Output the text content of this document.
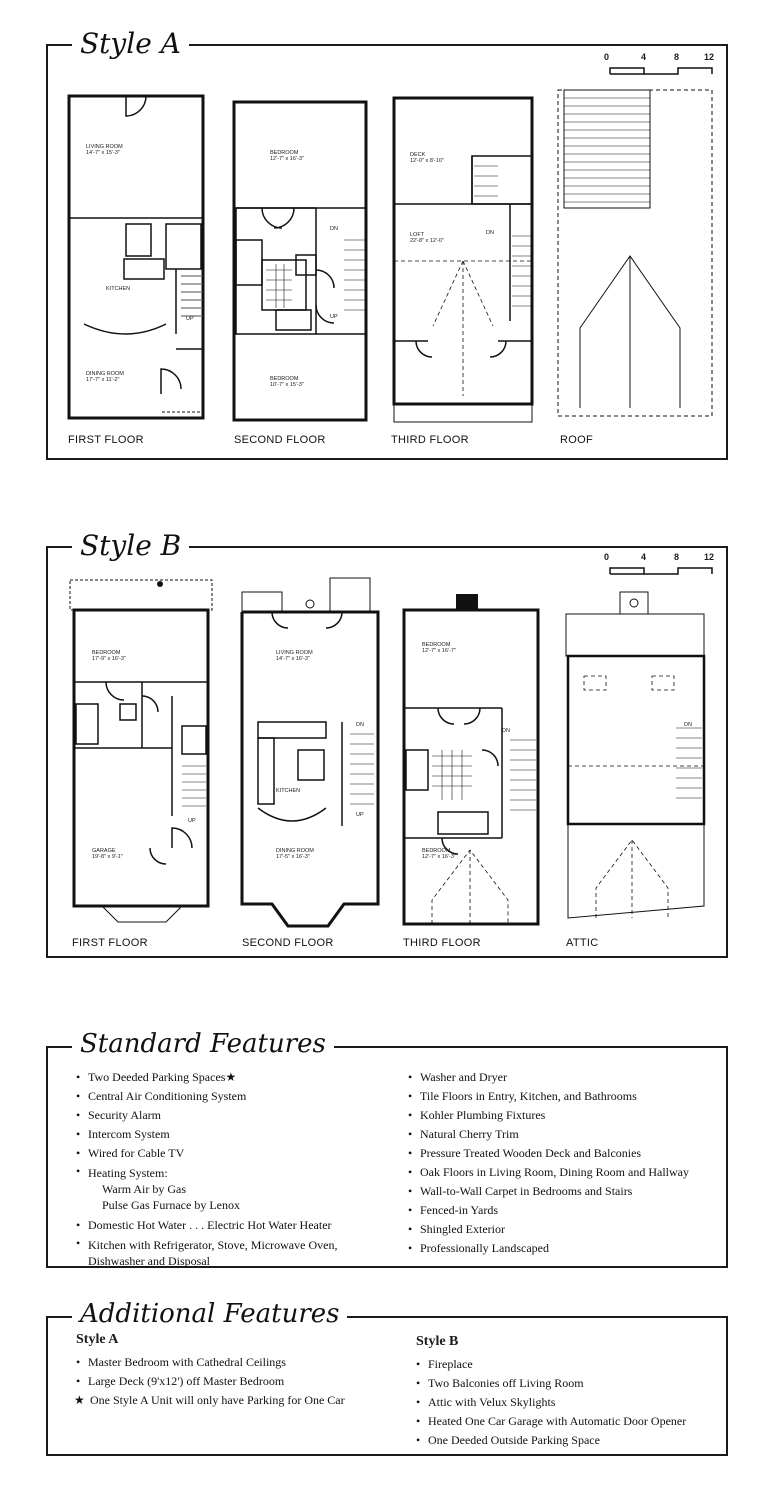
Style A	0	4	8	12
LIVING ROOM
14'-7" x 15'-3"
KITCHEN
DINING ROOM
17'-7" x 11'-2"
UP
FIRST FLOOR
BEDROOM
12'-7" x 16'-3"
BEDROOM
10'-7" x 15'-3"
DN
UP
SECOND FLOOR
DECK
12'-0" x 8'-10"
LOFT
22'-8" x 12'-0"
DN
THIRD FLOOR	ROOF
Style B	0	4	8	12
BEDROOM
17'-9" x 16'-3"
GARAGE
19'-8" x 9'-1"
UP
FIRST FLOOR
LIVING ROOM
14'-7" x 16'-3"
KITCHEN
DINING ROOM
17'-5" x 16'-3"
DN
UP
SECOND FLOOR
BEDROOM
12'-7" x 16'-7"
BEDROOM
12'-7" x 16'-3"
DN
THIRD FLOOR
DN
ATTIC
Standard Features
• Two Deeded Parking Spaces★
• Central Air Conditioning System
• Security Alarm
• Intercom System
• Wired for Cable TV
• Heating System:
Warm Air by Gas
Pulse Gas Furnace by Lenox
• Domestic Hot Water . . . Electric Hot Water Heater
• Kitchen with Refrigerator, Stove, Microwave Oven,
Dishwasher and Disposal
• Washer and Dryer
• Tile Floors in Entry, Kitchen, and Bathrooms
• Kohler Plumbing Fixtures
• Natural Cherry Trim
• Pressure Treated Wooden Deck and Balconies
• Oak Floors in Living Room, Dining Room and Hallway
• Wall-to-Wall Carpet in Bedrooms and Stairs
• Fenced-in Yards
• Shingled Exterior
• Professionally Landscaped
Additional Features
Style A
• Master Bedroom with Cathedral Ceilings
• Large Deck (9'x12') off Master Bedroom
★ One Style A Unit will only have Parking for One Car
Style B
• Fireplace
• Two Balconies off Living Room
• Attic with Velux Skylights
• Heated One Car Garage with Automatic Door Opener
• One Deeded Outside Parking Space
